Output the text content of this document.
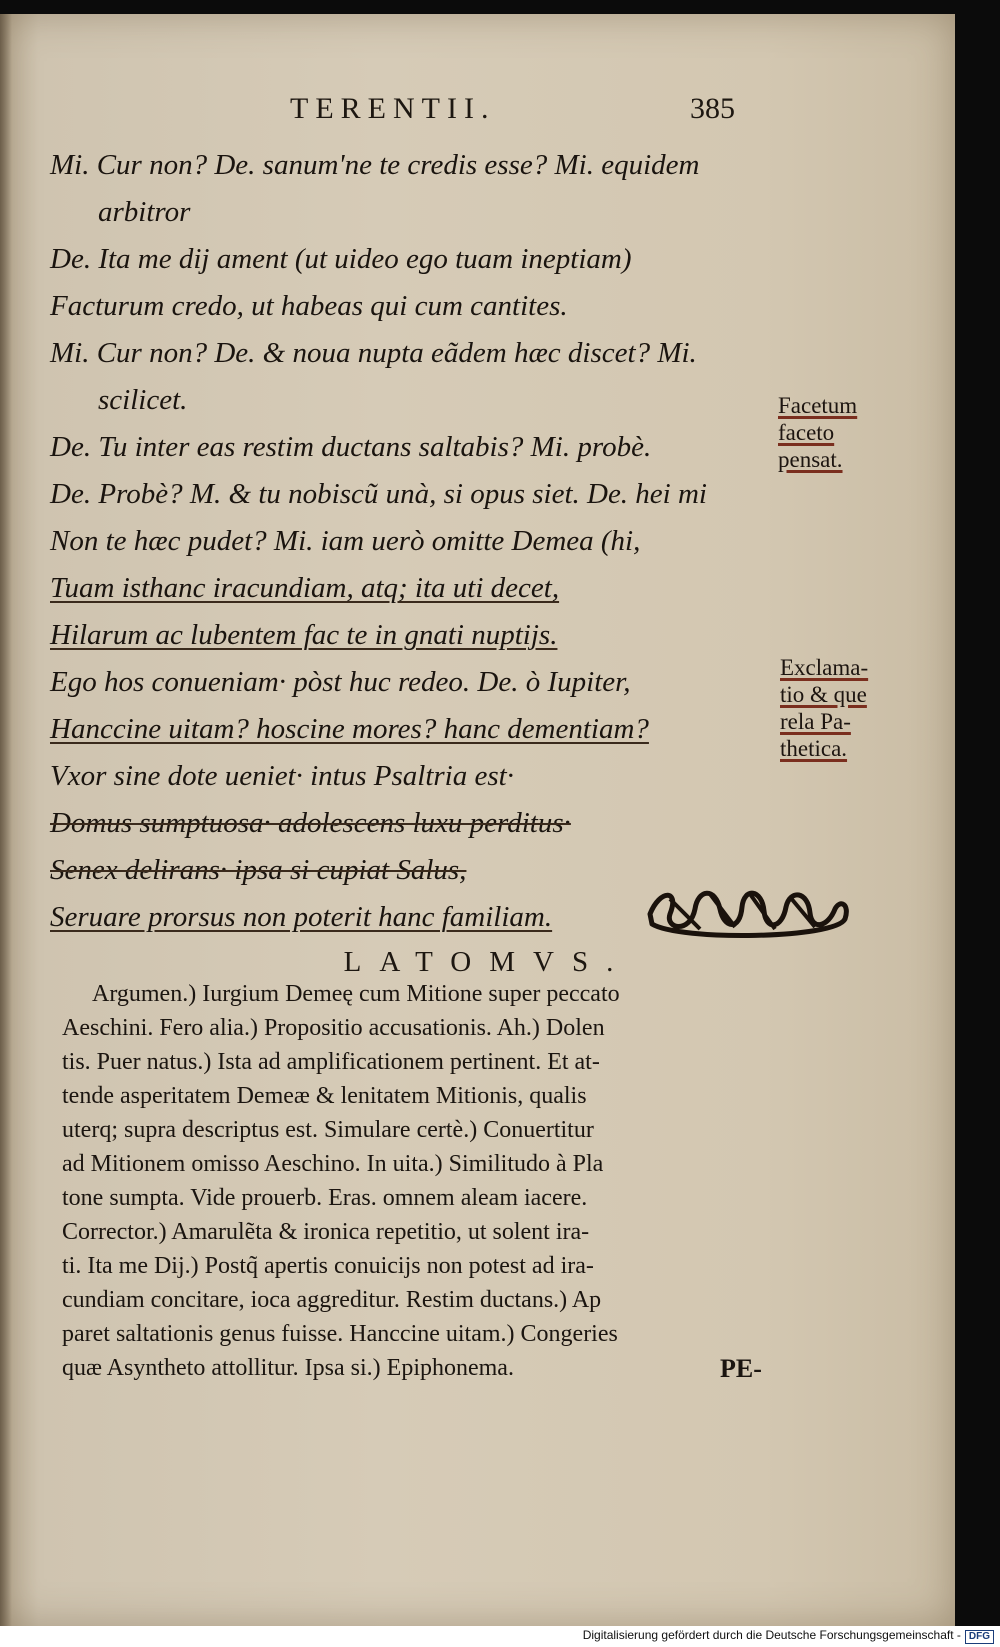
TERENTII.	385
Mi. Cur non? De. sanum'ne te credis esse? Mi. equidem
arbitror
De. Ita me dij ament (ut uideo ego tuam ineptiam)
Facturum credo, ut habeas qui cum cantites.
Mi. Cur non? De. & noua nupta eãdem hæc discet? Mi.
scilicet.
De. Tu inter eas restim ductans saltabis? Mi. probè.
De. Probè? M. & tu nobiscũ unà, si opus siet. De. hei mi
Non te hæc pudet? Mi. iam uerò omitte Demea (hi,
Tuam isthanc iracundiam, atq; ita uti decet,
Hilarum ac lubentem fac te in gnati nuptijs.
Ego hos conueniam· pòst huc redeo. De. ò Iupiter,
Hanccine uitam? hoscine mores? hanc dementiam?
Vxor sine dote ueniet· intus Psaltria est·
Domus sumptuosa· adolescens luxu perditus·
Senex delirans· ipsa si cupiat Salus,
Seruare prorsus non poterit hanc familiam.
Facetum
faceto
pensat.
Exclama-
tio & que
rela Pa-
thetica.
LATOMVS.
Argumen.) Iurgium Demeę cum Mitione super peccato
Aeschini. Fero alia.) Propositio accusationis. Ah.) Dolen
tis. Puer natus.) Ista ad amplificationem pertinent. Et at-
tende asperitatem Demeæ & lenitatem Mitionis, qualis
uterq; supra descriptus est. Simulare certè.) Conuertitur
ad Mitionem omisso Aeschino. In uita.) Similitudo à Pla
tone sumpta. Vide prouerb. Eras. omnem aleam iacere.
Corrector.) Amarulẽta & ironica repetitio, ut solent ira-
ti. Ita me Dij.) Postq̃ apertis conuicijs non potest ad ira-
cundiam concitare, ioca aggreditur. Restim ductans.) Ap
paret saltationis genus fuisse. Hanccine uitam.) Congeries
quæ Asyntheto attollitur. Ipsa si.) Epiphonema.	PE-
Digitalisierung gefördert durch die Deutsche Forschungsgemeinschaft - DFG
